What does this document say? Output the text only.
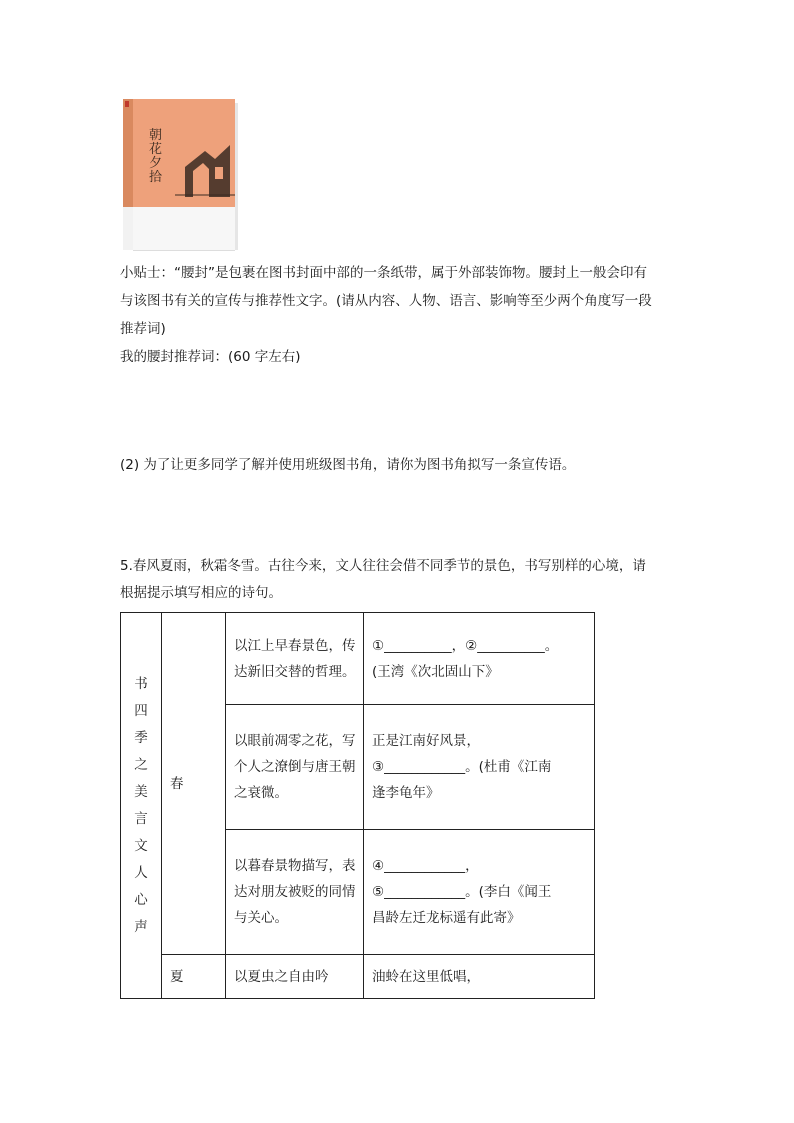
朝花夕拾
小贴士：“腰封”是包裹在图书封面中部的一条纸带，属于外部装饰物。腰封上一般会印有
与该图书有关的宣传与推荐性文字。(请从内容、人物、语言、影响等至少两个角度写一段
推荐词)
我的腰封推荐词：(60 字左右)
(2) 为了让更多同学了解并使用班级图书角，请你为图书角拟写一条宣传语。
5.春风夏雨，秋霜冬雪。古往今来，文人往往会借不同季节的景色，书写别样的心境，请
根据提示填写相应的诗句。
书四季之美言文人心声	春	以江上早春景色，传达新旧交替的哲理。	①__________，②__________。
(王湾《次北固山下》

		以眼前凋零之花，写个人之潦倒与唐王朝之衰微。	正是江南好风景，
③____________。(杜甫《江南
逢李龟年》

		以暮春景物描写，表达对朋友被贬的同情与关心。	④____________，
⑤____________。(李白《闻王
昌龄左迁龙标遥有此寄》

	夏	以夏虫之自由吟	油蛉在这里低唱，
